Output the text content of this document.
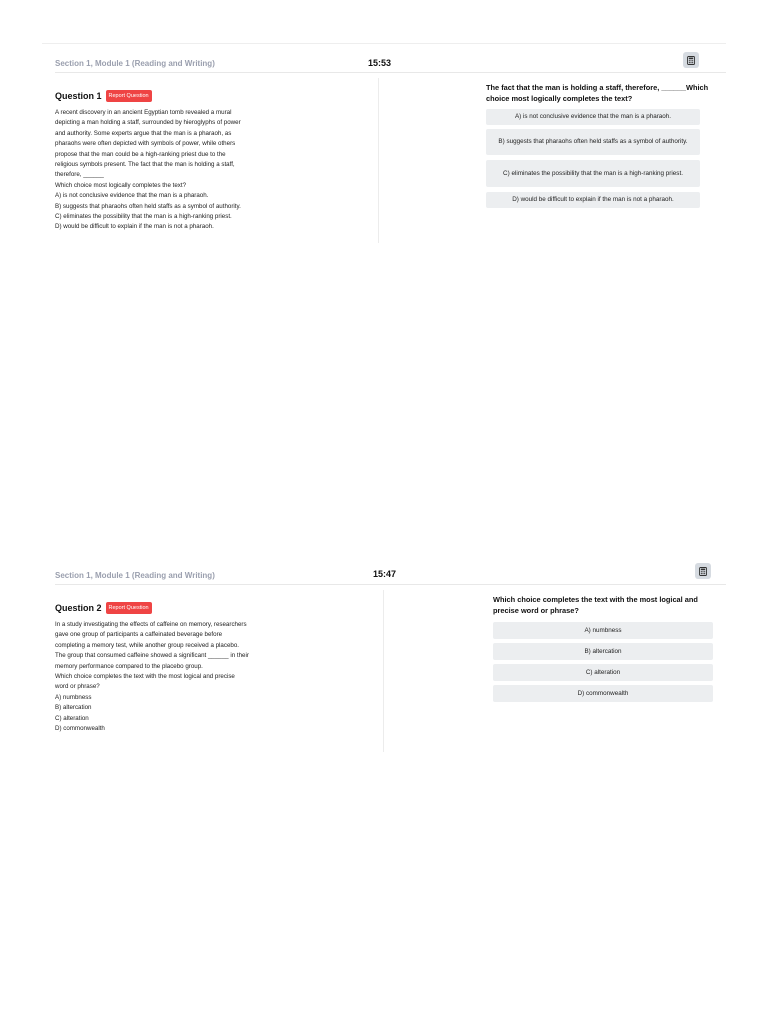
Section 1, Module 1 (Reading and Writing)	15:53
Question 1	Report Question
A recent discovery in an ancient Egyptian tomb revealed a mural
depicting a man holding a staff, surrounded by hieroglyphs of power
and authority. Some experts argue that the man is a pharaoh, as
pharaohs were often depicted with symbols of power, while others
propose that the man could be a high-ranking priest due to the
religious symbols present. The fact that the man is holding a staff,
therefore, ______
Which choice most logically completes the text?
A) is not conclusive evidence that the man is a pharaoh.
B) suggests that pharaohs often held staffs as a symbol of authority.
C) eliminates the possibility that the man is a high-ranking priest.
D) would be difficult to explain if the man is not a pharaoh.
The fact that the man is holding a staff, therefore, ______Which choice most logically completes the text?
A) is not conclusive evidence that the man is a pharaoh.
B) suggests that pharaohs often held staffs as a symbol of authority.
C) eliminates the possibility that the man is a high-ranking priest.
D) would be difficult to explain if the man is not a pharaoh.
Section 1, Module 1 (Reading and Writing)	15:47
Question 2	Report Question
In a study investigating the effects of caffeine on memory, researchers
gave one group of participants a caffeinated beverage before
completing a memory test, while another group received a placebo.
The group that consumed caffeine showed a significant ______ in their
memory performance compared to the placebo group.
Which choice completes the text with the most logical and precise
word or phrase?
A) numbness
B) altercation
C) alteration
D) commonwealth
Which choice completes the text with the most logical and precise word or phrase?
A) numbness
B) altercation
C) alteration
D) commonwealth
